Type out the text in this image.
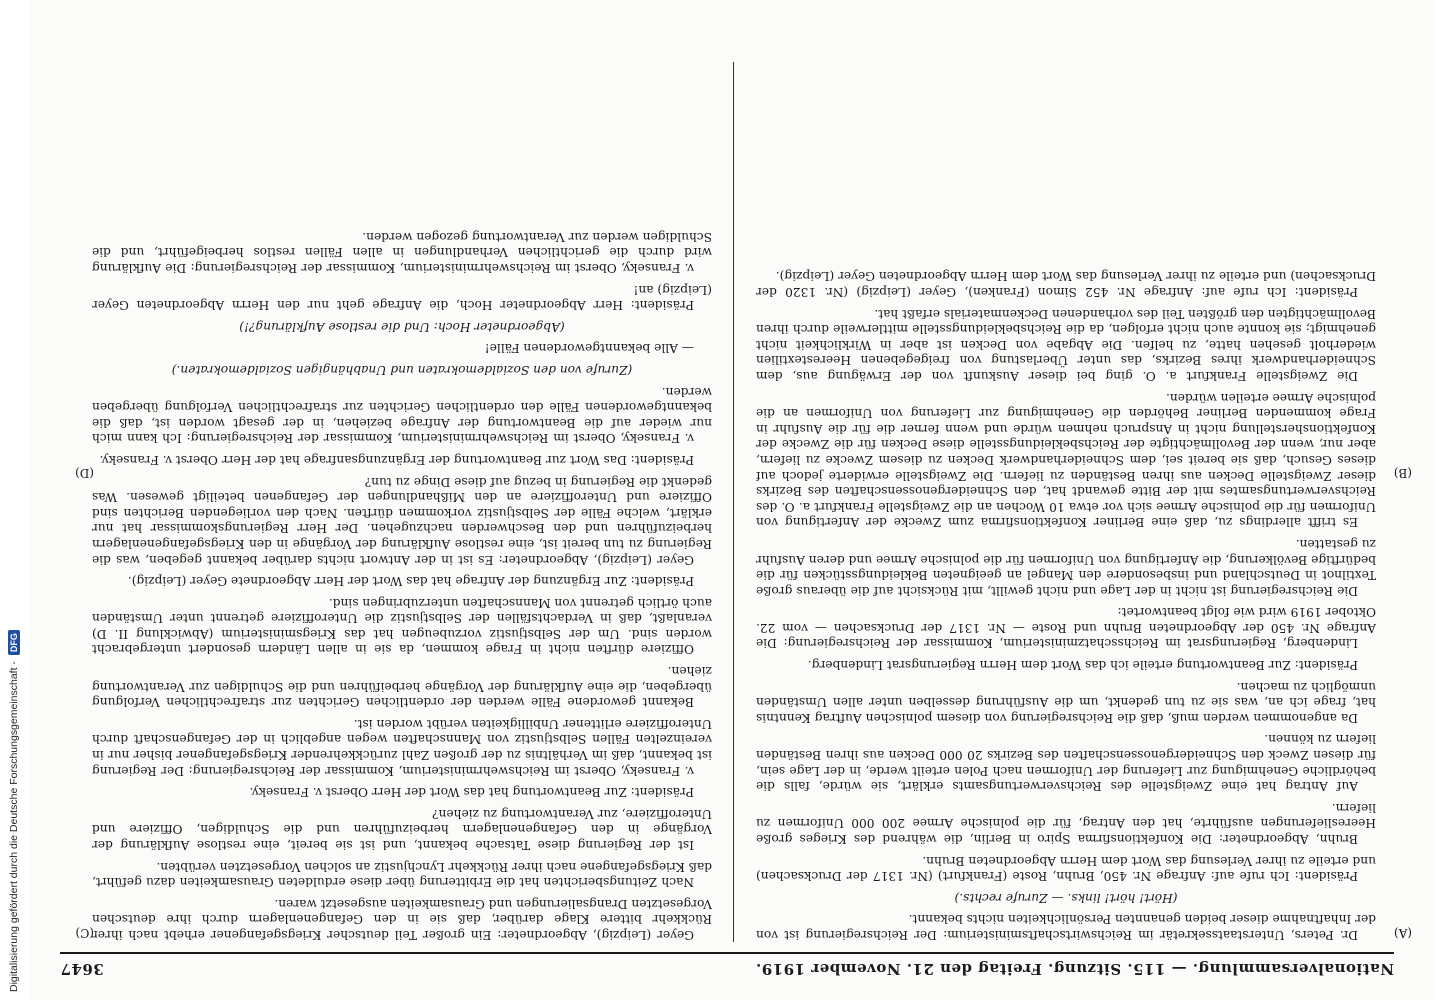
Digitalisierung gefördert durch die Deutsche Forschungsgemeinschaft -
DFG
Nationalversammlung. — 115. Sitzung. Freitag den 21. November 1919.
3647
(A)
(B)
(C)
(D)

Dr. Peters, Unterstaatssekretär im Reichswirtschaftsministerium: Der Reichsregierung ist von der Inhaftnahme dieser beiden genannten Persönlichkeiten nichts bekannt.

(Hört! hört! links. — Zurufe rechts.)

Präsident: Ich rufe auf: Anfrage Nr. 450, Bruhn, Roste (Frankfurt) (Nr. 1317 der Drucksachen) und erteile zu ihrer Verlesung das Wort dem Herrn Abgeordneten Bruhn.

Bruhn, Abgeordneter: Die Konfektionsfirma Spiro in Berlin, die während des Krieges große Heereslieferungen ausführte, hat den Antrag, für die polnische Armee 200 000 Uniformen zu liefern.

Auf Antrag hat eine Zweigstelle des Reichsverwertungsamts erklärt, sie würde, falls die behördliche Genehmigung zur Lieferung der Uniformen nach Polen erteilt werde, in der Lage sein, für diesen Zweck den Schneidergenossenschaften des Bezirks 20 000 Decken aus ihren Beständen liefern zu können.

Da angenommen werden muß, daß die Reichsregierung von diesem polnischen Auftrag Kenntnis hat, frage ich an, was sie zu tun gedenkt, um die Ausführung desselben unter allen Umständen unmöglich zu machen.

Präsident: Zur Beantwortung erteile ich das Wort dem Herrn Regierungsrat Lindenberg.

Lindenberg, Regierungsrat im Reichsschatzministerium, Kommissar der Reichsregierung: Die Anfrage Nr. 450 der Abgeordneten Bruhn und Roste — Nr. 1317 der Drucksachen — vom 22. Oktober 1919 wird wie folgt beantwortet:

Die Reichsregierung ist nicht in der Lage und nicht gewillt, mit Rücksicht auf die überaus große Textilnot in Deutschland und insbesondere den Mangel an geeigneten Bekleidungsstücken für die bedürftige Bevölkerung, die Anfertigung von Uniformen für die polnische Armee und deren Ausfuhr zu gestatten.

Es trifft allerdings zu, daß eine Berliner Konfektionsfirma zum Zwecke der Anfertigung von Uniformen für die polnische Armee sich vor etwa 10 Wochen an die Zweigstelle Frankfurt a. O. des Reichsverwertungsamtes mit der Bitte gewandt hat, den Schneidergenossenschaften des Bezirks dieser Zweigstelle Decken aus ihren Beständen zu liefern. Die Zweigstelle erwiderte jedoch auf dieses Gesuch, daß sie bereit sei, dem Schneiderhandwerk Decken zu diesem Zwecke zu liefern, aber nur, wenn der Bevollmächtigte der Reichsbekleidungsstelle diese Decken für die Zwecke der Konfektionsherstellung nicht in Anspruch nehmen würde und wenn ferner die für die Ausfuhr in Frage kommenden Berliner Behörden die Genehmigung zur Lieferung von Uniformen an die polnische Armee erteilen würden.

Die Zweigstelle Frankfurt a. O. ging bei dieser Auskunft von der Erwägung aus, dem Schneiderhandwerk ihres Bezirks, das unter Überlastung von freigegebenen Heerestextilien wiederholt gesehen hatte, zu helfen. Die Abgabe von Decken ist aber in Wirklichkeit nicht genehmigt; sie konnte auch nicht erfolgen, da die Reichsbekleidungsstelle mittlerweile durch ihren Bevollmächtigten den größten Teil des vorhandenen Deckenmaterials erfaßt hat.

Präsident: Ich rufe auf: Anfrage Nr. 452 Simon (Franken), Geyer (Leipzig) (Nr. 1320 der Drucksachen) und erteile zu ihrer Verlesung das Wort dem Herrn Abgeordneten Geyer (Leipzig).

Geyer (Leipzig), Abgeordneter: Ein großer Teil deutscher Kriegsgefangener erhebt nach ihrer Rückkehr bittere Klage darüber, daß sie in den Gefangenenlagern durch ihre deutschen Vorgesetzten Drangsalierungen und Grausamkeiten ausgesetzt waren.

Nach Zeitungsberichten hat die Erbitterung über diese erduldeten Grausamkeiten dazu geführt, daß Kriegsgefangene nach ihrer Rückkehr Lynchjustiz an solchen Vorgesetzten verübten.

Ist der Regierung diese Tatsache bekannt, und ist sie bereit, eine restlose Aufklärung der Vorgänge in den Gefangenenlagern herbeizuführen und die Schuldigen, Offiziere und Unteroffiziere, zur Verantwortung zu ziehen?

Präsident: Zur Beantwortung hat das Wort der Herr Oberst v. Franseky.

v. Franseky, Oberst im Reichswehrministerium, Kommissar der Reichsregierung: Der Regierung ist bekannt, daß im Verhältnis zu der großen Zahl zurückkehrender Kriegsgefangener bisher nur in vereinzelten Fällen Selbstjustiz von Mannschaften wegen angeblich in der Gefangenschaft durch Unteroffiziere erlittener Unbilligkeiten verübt worden ist.

Bekannt gewordene Fälle werden der ordentlichen Gerichten zur strafrechtlichen Verfolgung übergeben, die eine Aufklärung der Vorgänge herbeiführen und die Schuldigen zur Verantwortung ziehen.

Offiziere dürften nicht in Frage kommen, da sie in allen Ländern gesondert untergebracht worden sind. Um der Selbstjustiz vorzubeugen hat das Kriegsministerium (Abwicklung II. D) veranlaßt, daß in Verdachtsfällen der Selbstjustiz die Unteroffiziere getrennt unter Umständen auch örtlich getrennt von Mannschaften unterzubringen sind.

Präsident: Zur Ergänzung der Anfrage hat das Wort der Herr Abgeordnete Geyer (Leipzig).

Geyer (Leipzig), Abgeordneter: Es ist in der Antwort nichts darüber bekannt gegeben, was die Regierung zu tun bereit ist, eine restlose Aufklärung der Vorgänge in den Kriegsgefangenenlagern herbeizuführen und den Beschwerden nachzugehen. Der Herr Regierungskommissar hat nur erklärt, welche Fälle der Selbstjustiz vorkommen dürften. Nach den vorliegenden Berichten sind Offiziere und Unteroffiziere an den Mißhandlungen der Gefangenen beteiligt gewesen. Was gedenkt die Regierung in bezug auf diese Dinge zu tun?

Präsident: Das Wort zur Beantwortung der Ergänzungsanfrage hat der Herr Oberst v. Franseky.

v. Franseky, Oberst im Reichswehrministerium, Kommissar der Reichsregierung: Ich kann mich nur wieder auf die Beantwortung der Anfrage beziehen, in der gesagt worden ist, daß die bekanntgewordenen Fälle den ordentlichen Gerichten zur strafrechtlichen Verfolgung übergeben werden.

(Zurufe von den Sozialdemokraten und Unabhängigen Sozialdemokraten.)

— Alle bekanntgewordenen Fälle!

(Abgeordneter Hoch: Und die restlose Aufklärung?!)

Präsident: Herr Abgeordneter Hoch, die Anfrage geht nur den Herrn Abgeordneten Geyer (Leipzig) an!

v. Franseky, Oberst im Reichswehrministerium, Kommissar der Reichsregierung: Die Aufklärung wird durch die gerichtlichen Verhandlungen in allen Fällen restlos herbeigeführt, und die Schuldigen werden zur Verantwortung gezogen werden.
